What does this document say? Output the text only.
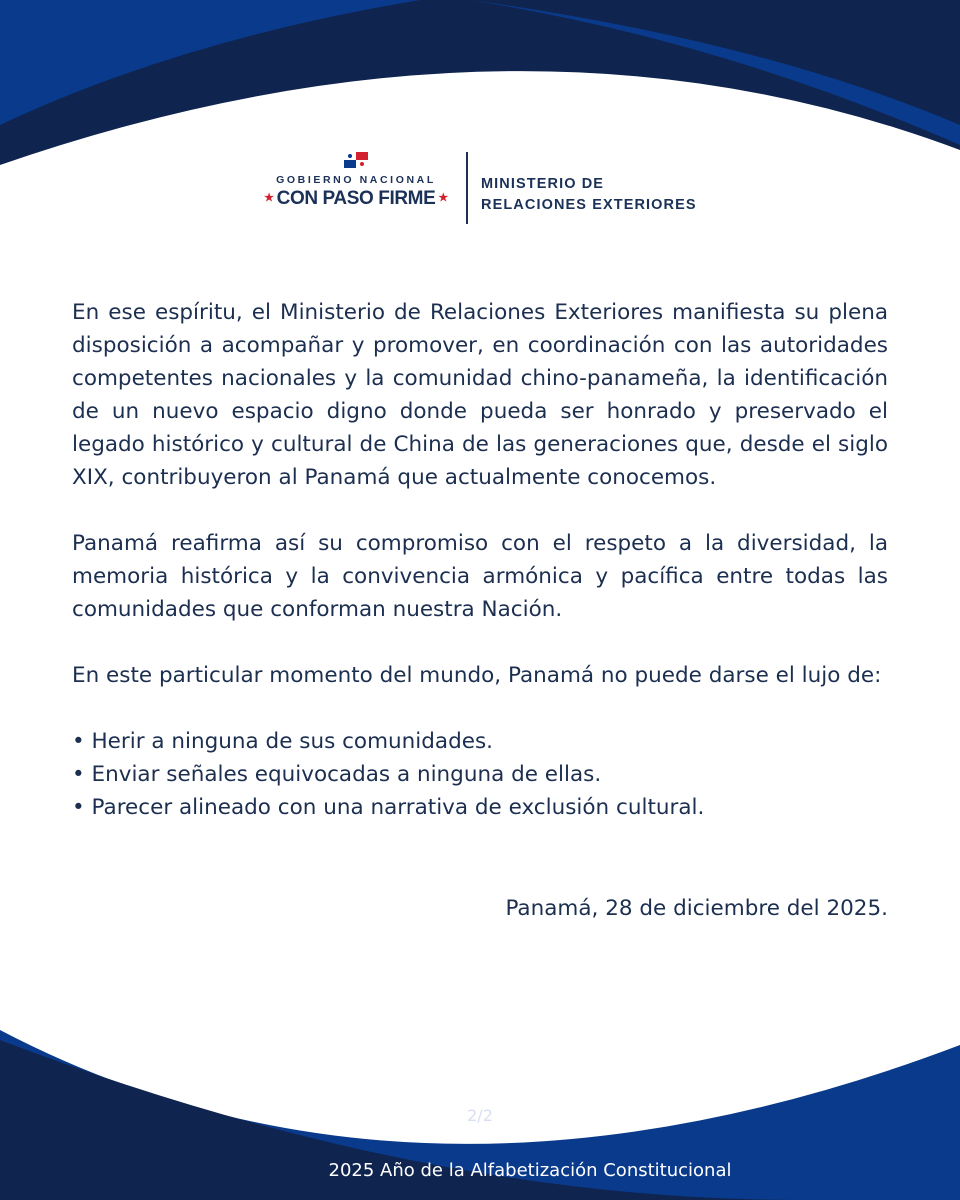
GOBIERNO NACIONAL
★ CON PASO FIRME ★
MINISTERIO DE
RELACIONES EXTERIORES

En ese espíritu, el Ministerio de Relaciones Exteriores manifiesta su plena disposición a acompañar y promover, en coordinación con las autoridades competentes nacionales y la comunidad chino-panameña, la identificación de un nuevo espacio digno donde pueda ser honrado y preservado el legado histórico y cultural de China de las generaciones que, desde el siglo XIX, contribuyeron al Panamá que actualmente conocemos.

Panamá reafirma así su compromiso con el respeto a la diversidad, la memoria histórica y la convivencia armónica y pacífica entre todas las comunidades que conforman nuestra Nación.

En este particular momento del mundo, Panamá no puede darse el lujo de:

• Herir a ninguna de sus comunidades.
• Enviar señales equivocadas a ninguna de ellas.
• Parecer alineado con una narrativa de exclusión cultural.
Panamá, 28 de diciembre del 2025.
2/2
2025 Año de la Alfabetización Constitucional
